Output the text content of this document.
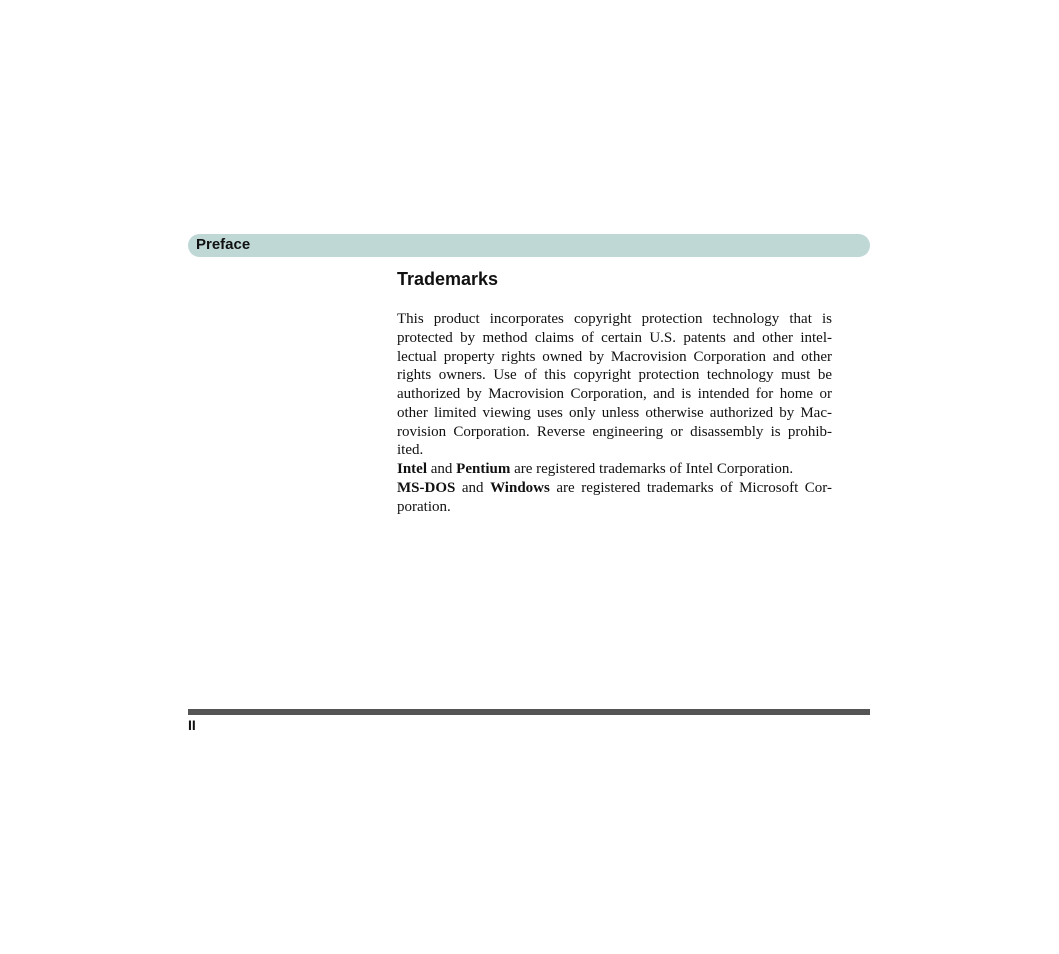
Preface
Trademarks

This product incorporates copyright protection technology that is protected by method claims of certain U.S. patents and other intel-lectual property rights owned by Macrovision Corporation and other rights owners. Use of this copyright protection technology must be authorized by Macrovision Corporation, and is intended for home or other limited viewing uses only unless otherwise authorized by Mac-rovision Corporation. Reverse engineering or disassembly is prohib-ited.

Intel and Pentium are registered trademarks of Intel Corporation.

MS-DOS and Windows are registered trademarks of Microsoft Cor-poration.

II
